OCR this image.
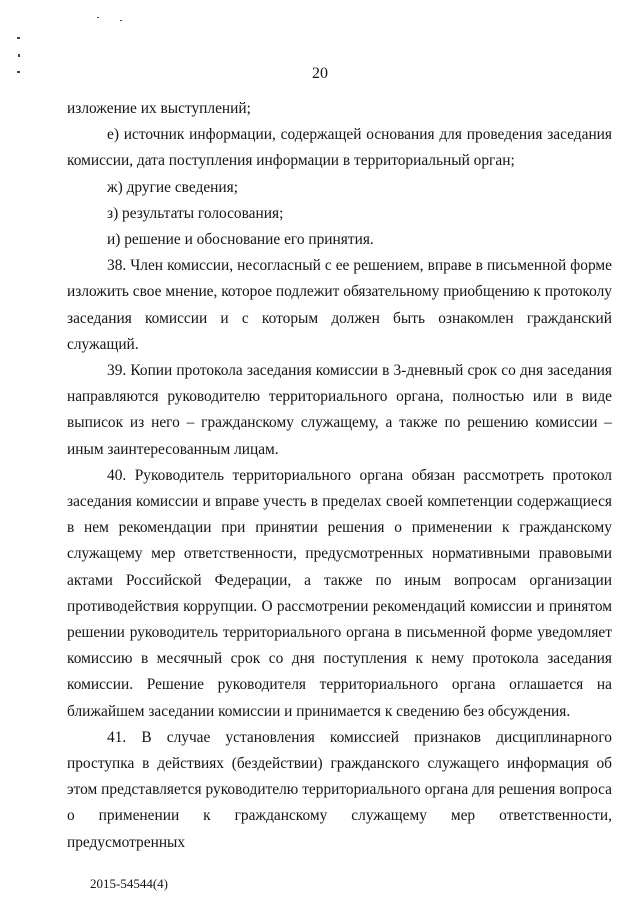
20

изложение их выступлений;

е) источник информации, содержащей основания для проведения заседания комиссии, дата поступления информации в территориальный орган;

ж) другие сведения;

з) результаты голосования;

и) решение и обоснование его принятия.

38. Член комиссии, несогласный с ее решением, вправе в письменной форме изложить свое мнение, которое подлежит обязательному приобщению к протоколу заседания комиссии и с которым должен быть ознакомлен гражданский служащий.

39. Копии протокола заседания комиссии в 3-дневный срок со дня заседания направляются руководителю территориального органа, полностью или в виде выписок из него – гражданскому служащему, а также по решению комиссии – иным заинтересованным лицам.

40. Руководитель территориального органа обязан рассмотреть протокол заседания комиссии и вправе учесть в пределах своей компетенции содержащиеся в нем рекомендации при принятии решения о применении к гражданскому служащему мер ответственности, предусмотренных нормативными правовыми актами Российской Федерации, а также по иным вопросам организации противодействия коррупции. О рассмотрении рекомендаций комиссии и принятом решении руководитель территориального органа в письменной форме уведомляет комиссию в месячный срок со дня поступления к нему протокола заседания комиссии. Решение руководителя территориального органа оглашается на ближайшем заседании комиссии и принимается к сведению без обсуждения.

41. В случае установления комиссией признаков дисциплинарного проступка в действиях (бездействии) гражданского служащего информация об этом представляется руководителю территориального органа для решения вопроса о применении к гражданскому служащему мер ответственности, предусмотренных

2015-54544(4)
